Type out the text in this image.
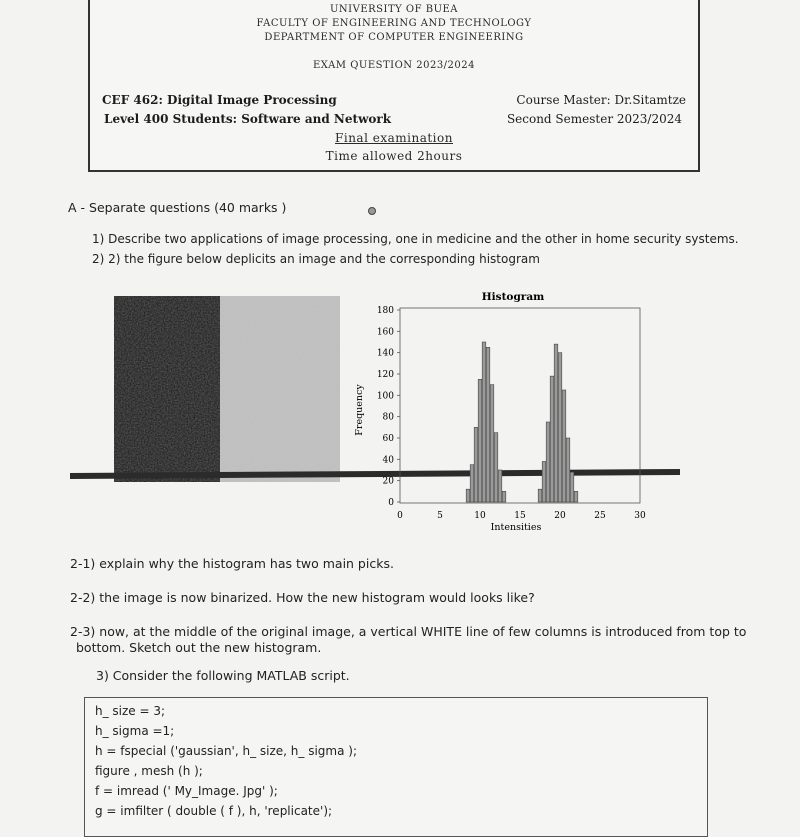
UNIVERSITY OF BUEA
FACULTY OF ENGINEERING AND TECHNOLOGY
DEPARTMENT OF COMPUTER ENGINEERING
EXAM QUESTION 2023/2024
CEF 462: Digital Image Processing
Level 400 Students: Software and Network
Course Master: Dr.Sitamtze
Second Semester 2023/2024
Final examination
Time allowed 2hours
A - Separate questions (40 marks )
1) Describe two applications of image processing, one in medicine and the other in home security systems.
2) 2) the figure below deplicits an image and the corresponding histogram
Histogram
Frequency
Intensities
0
20
40
60
80
100
120
140
160
180
0	5	10	15	20	25	30
2-1) explain why the histogram has two main picks.
2-2) the image is now binarized. How the new histogram would looks like?
2-3) now, at the middle of the original image, a vertical WHITE line of few columns is introduced from top to
bottom. Sketch out the new histogram.
3) Consider the following MATLAB script.
h_ size = 3;
h_ sigma =1;
h = fspecial ('gaussian', h_ size, h_ sigma );
figure , mesh (h );
f = imread (' My_Image. Jpg' );
g = imfilter ( double ( f ), h, 'replicate');
